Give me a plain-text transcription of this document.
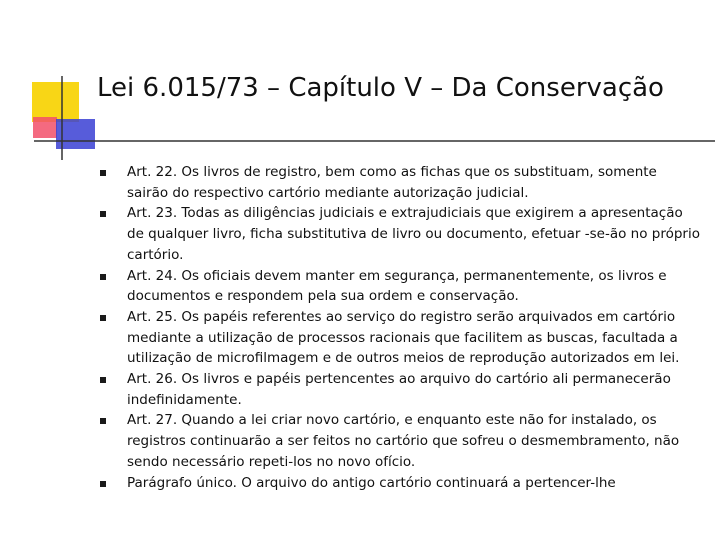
Lei 6.015/73 – Capítulo V – Da Conservação
Art. 22. Os livros de registro, bem como as fichas que os substituam, somente sairão do respectivo cartório mediante autorização judicial.
Art. 23. Todas as diligências judiciais e extrajudiciais que exigirem a apresentação de qualquer livro, ficha substitutiva de livro ou documento, efetuar -se-ão no próprio cartório.
Art. 24. Os oficiais devem manter em segurança, permanentemente, os livros e documentos e respondem pela sua ordem e conservação.
Art. 25. Os papéis referentes ao serviço do registro serão arquivados em cartório mediante a utilização de processos racionais que facilitem as buscas, facultada a utilização de microfilmagem e de outros meios de reprodução autorizados em lei.
Art. 26. Os livros e papéis pertencentes ao arquivo do cartório ali permanecerão indefinidamente.
Art. 27. Quando a lei criar novo cartório, e enquanto este não for instalado, os registros continuarão a ser feitos no cartório que sofreu o desmembramento, não sendo necessário repeti-los no novo ofício.
Parágrafo único. O arquivo do antigo cartório continuará a pertencer-lhe
